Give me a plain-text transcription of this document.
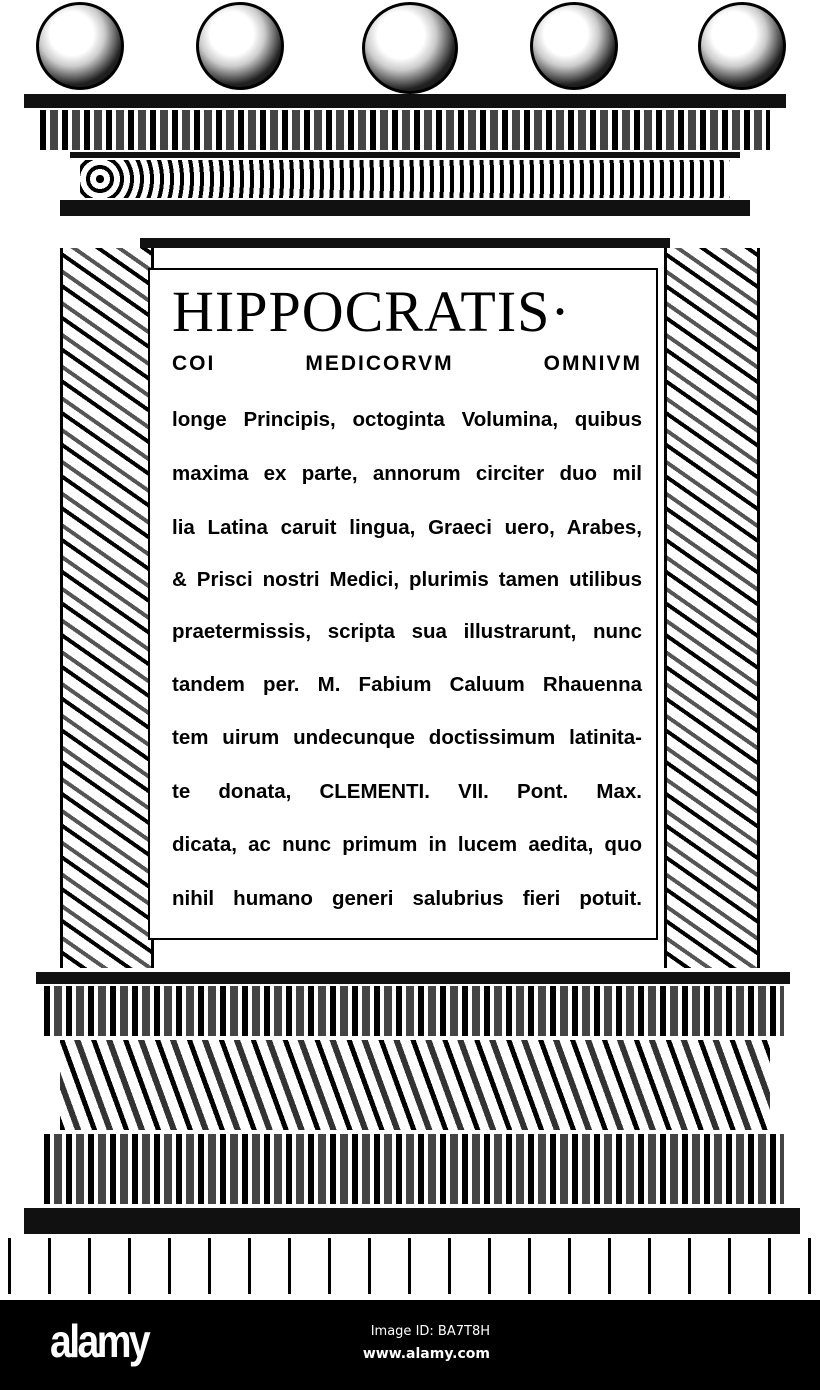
HIPPOCRATIS·
COI MEDICORVM OMNIVM
longe Principis, octoginta Volumina, quibus
maxima ex parte, annorum circiter duo mil
lia Latina caruit lingua, Graeci uero, Arabes,
& Prisci nostri Medici, plurimis tamen utilibus
praetermissis, scripta sua illustrarunt, nunc
tandem per. M. Fabium Caluum Rhauenna
tem uirum undecunque doctissimum latinita-
te donata, CLEMENTI. VII. Pont. Max.
dicata, ac nunc primum in lucem aedita, quo
nihil humano generi salubrius fieri potuit.
alamy	Image ID: BA7T8H
www.alamy.com
